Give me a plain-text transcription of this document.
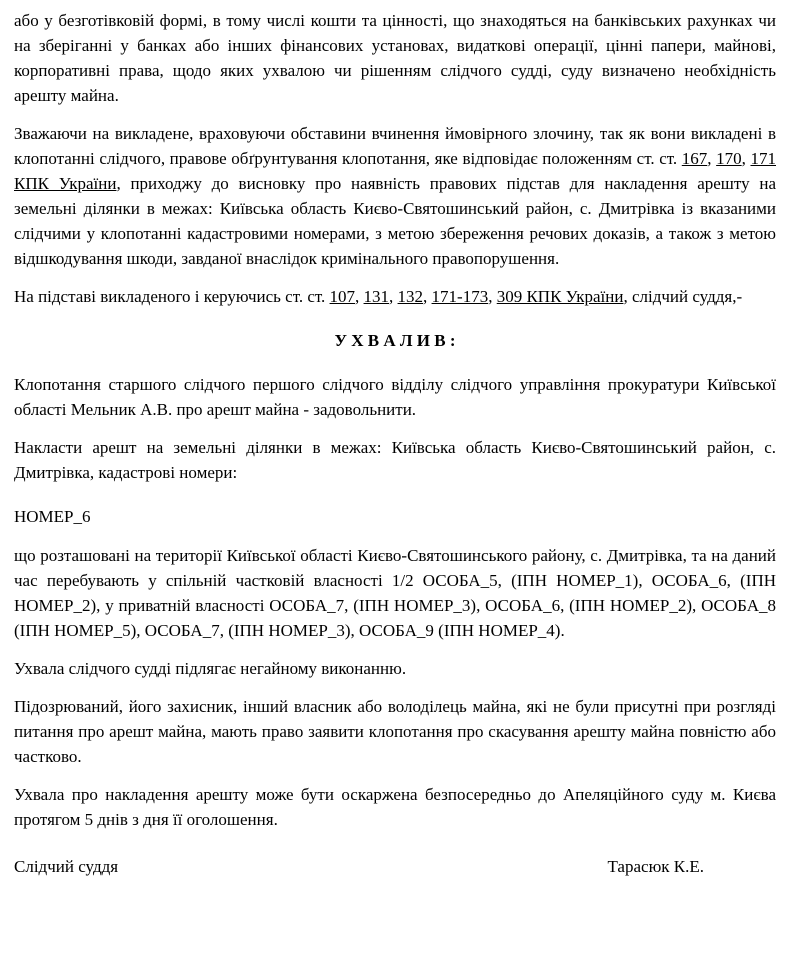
або у безготівковій формі, в тому числі кошти та цінності, що знаходяться на банківських рахунках чи на зберіганні у банках або інших фінансових установах, видаткові операції, цінні папери, майнові, корпоративні права, щодо яких ухвалою чи рішенням слідчого судді, суду визначено необхідність арешту майна.

Зважаючи на викладене, враховуючи обставини вчинення ймовірного злочину, так як вони викладені в клопотанні слідчого, правове обґрунтування клопотання, яке відповідає положенням ст. ст. 167, 170, 171 КПК України, приходжу до висновку про наявність правових підстав для накладення арешту на земельні ділянки в межах: Київська область Києво-Святошинський район, с. Дмитрівка із вказаними слідчими у клопотанні кадастровими номерами, з метою збереження речових доказів, а також з метою відшкодування шкоди, завданої внаслідок кримінального правопорушення.

На підставі викладеного і керуючись ст. ст. 107, 131, 132, 171-173, 309 КПК України, слідчий суддя,-

У Х В А Л И В :

Клопотання старшого слідчого першого слідчого відділу слідчого управління прокуратури Київської області Мельник А.В. про арешт майна - задовольнити.

Накласти арешт на земельні ділянки в межах: Київська область Києво-Святошинський район, с. Дмитрівка, кадастрові номери:

НОМЕР_6

що розташовані на території Київської області Києво-Святошинського району, с. Дмитрівка, та на даний час перебувають у спільній частковій власності 1/2 ОСОБА_5, (ІПН НОМЕР_1), ОСОБА_6, (ІПН НОМЕР_2), у приватній власності ОСОБА_7, (ІПН НОМЕР_3), ОСОБА_6, (ІПН НОМЕР_2), ОСОБА_8 (ІПН НОМЕР_5), ОСОБА_7, (ІПН НОМЕР_3), ОСОБА_9 (ІПН НОМЕР_4).

Ухвала слідчого судді підлягає негайному виконанню.

Підозрюваний, його захисник, інший власник або володілець майна, які не були присутні при розгляді питання про арешт майна, мають право заявити клопотання про скасування арешту майна повністю або частково.

Ухвала про накладення арешту може бути оскаржена безпосередньо до Апеляційного суду м. Києва протягом 5 днів з дня її оголошення.

Слідчий суддя	Тарасюк К.Е.
